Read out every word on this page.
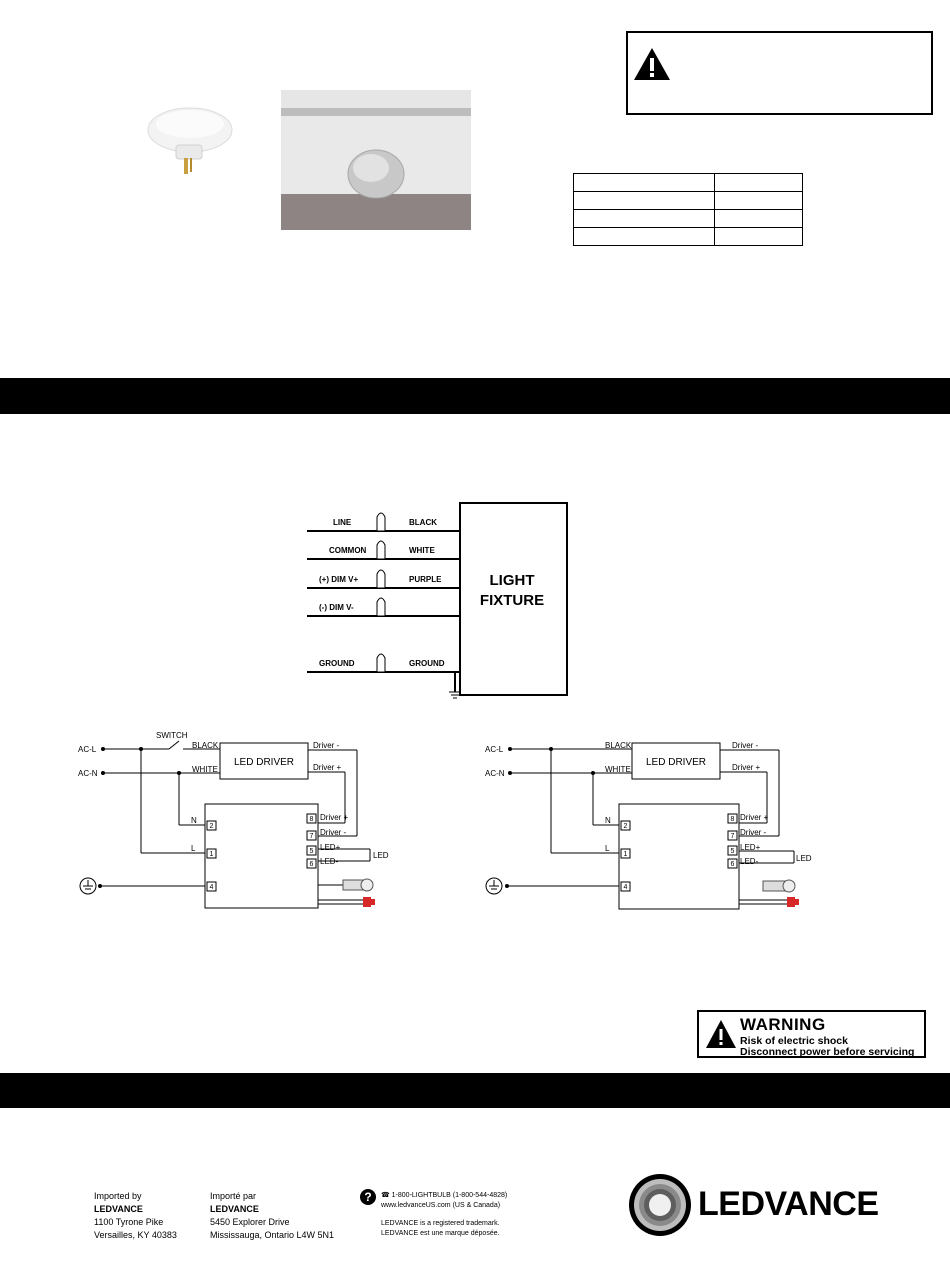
LINE
COMMON
(+) DIM V+
(-) DIM V-
GROUND
BLACK
WHITE
PURPLE
GROUND
LIGHT
FIXTURE
AC-L
AC-N
SWITCH
BLACK
WHITE
Driver -
Driver +
N
L
Driver +
Driver -
LED+
LED-
LED
2
1
4
8
7
5
6
LED DRIVER
AC-L
AC-N
BLACK
WHITE
Driver -
Driver +
N
L
Driver +
Driver -
LED+
LED-	LED
2
1
4
8
7
5
6
LED DRIVER
WARNING
Risk of electric shock
Disconnect power before servicing
Imported by
LEDVANCE
1100 Tyrone Pike
Versailles, KY 40383
Importé par
LEDVANCE
5450 Explorer Drive
Mississauga, Ontario L4W 5N1
?	☎ 1-800-LIGHTBULB (1-800-544-4828)
www.ledvanceUS.com (US & Canada)
LEDVANCE is a registered trademark.
LEDVANCE est une marque déposée.
LEDVANCE
